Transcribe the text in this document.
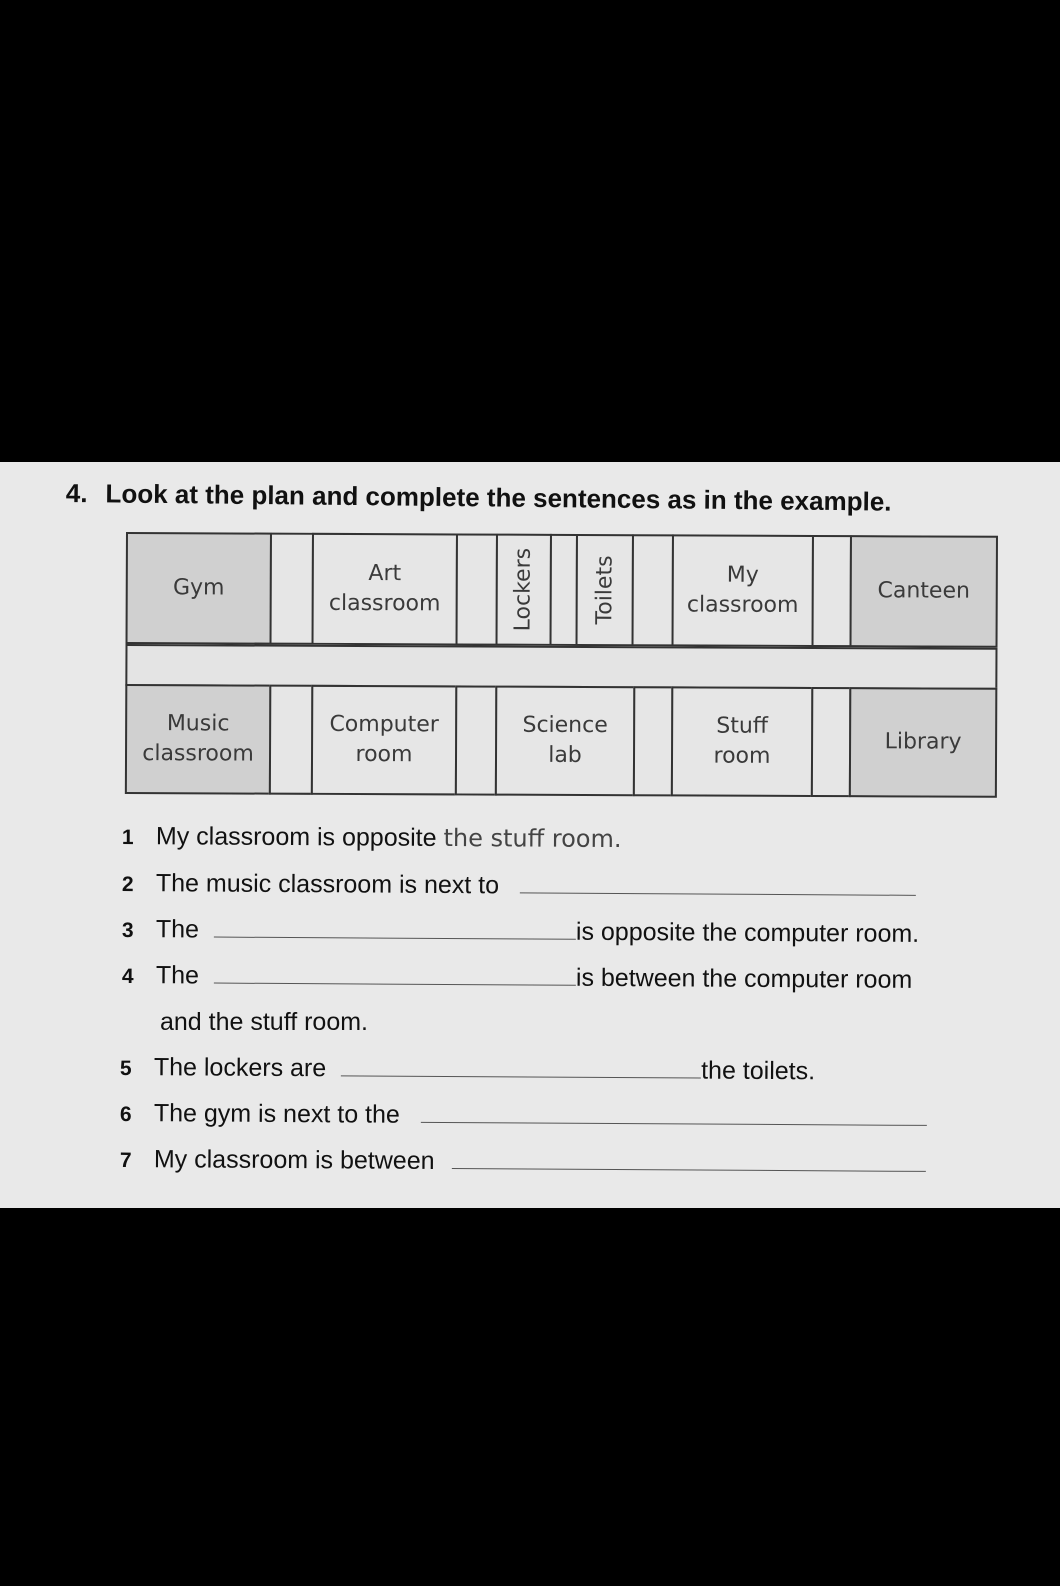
4. Look at the plan and complete the sentences as in the example.
Gym
Art
classroom	Lockers	Toilets	My
classroom
Canteen
Music
classroom
Computer
room
Science
lab
Stuff
room
Library
1 My classroom is opposite the stuff room.
2 The music classroom is next to
3 The	is opposite the computer room.
4 The	is between the computer room
and the stuff room.
5 The lockers are	the toilets.
6 The gym is next to the
7 My classroom is between
